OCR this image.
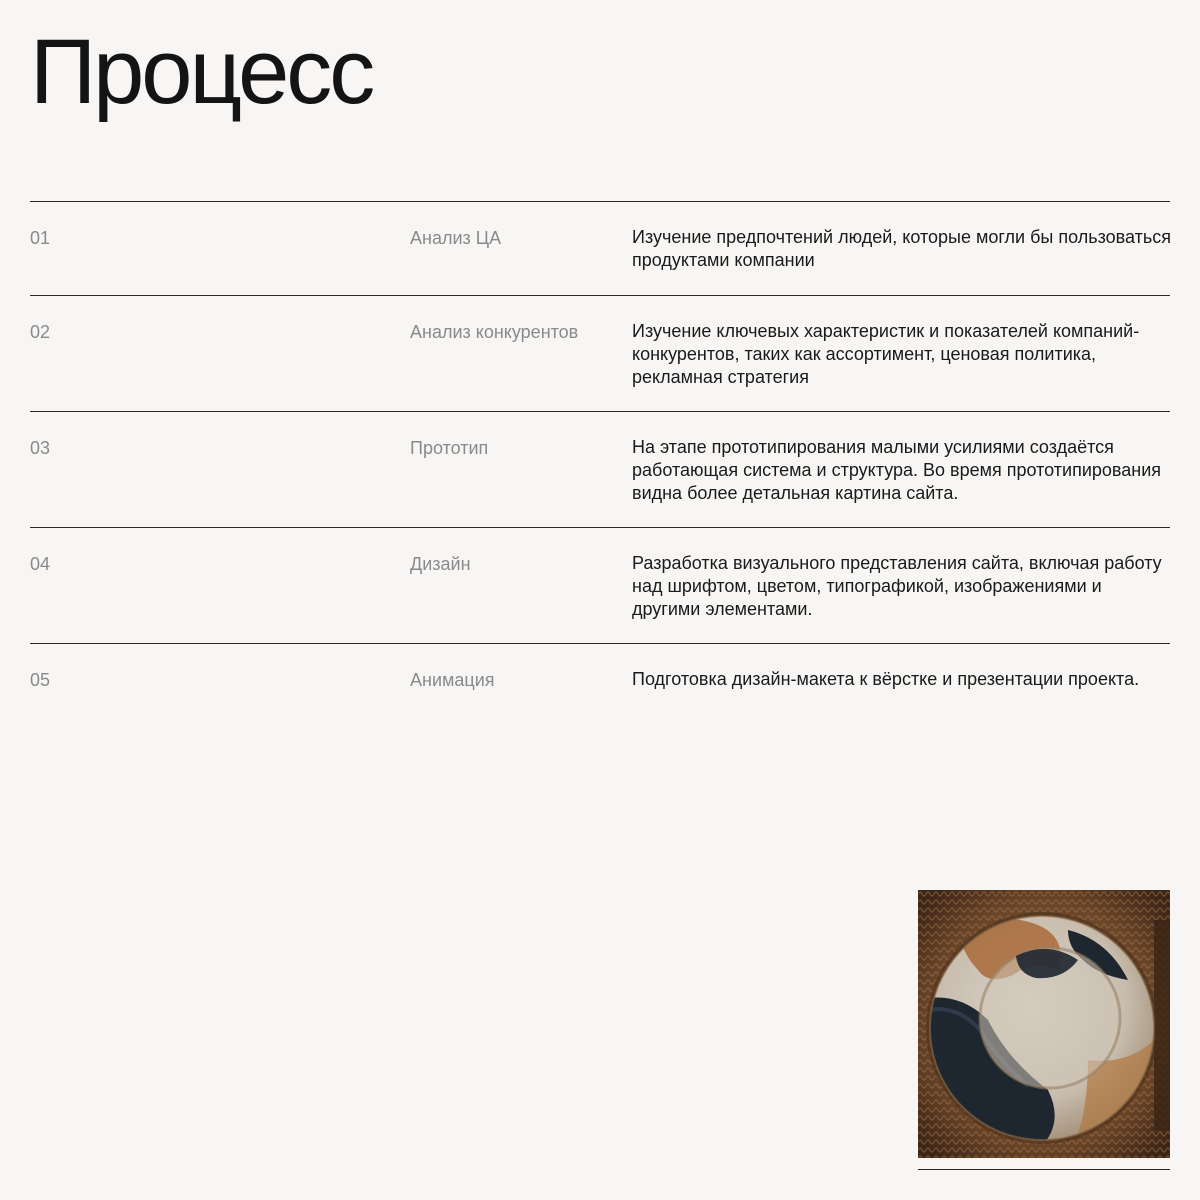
Процесс
01	Анализ ЦА	Изучение предпочтений людей, которые могли бы пользоваться продуктами компании

02	Анализ конкурентов	Изучение ключевых характеристик и показателей компаний-конкурентов, таких как ассортимент, ценовая политика, рекламная стратегия

03	Прототип	На этапе прототипирования малыми усилиями создаётся работающая система и структура. Во время прототипирования видна более детальная картина сайта.

04	Дизайн	Разработка визуального представления сайта, включая работу над шрифтом, цветом, типографикой, изображениями и другими элементами.

05	Анимация	Подготовка дизайн-макета к вёрстке и презентации проекта.
